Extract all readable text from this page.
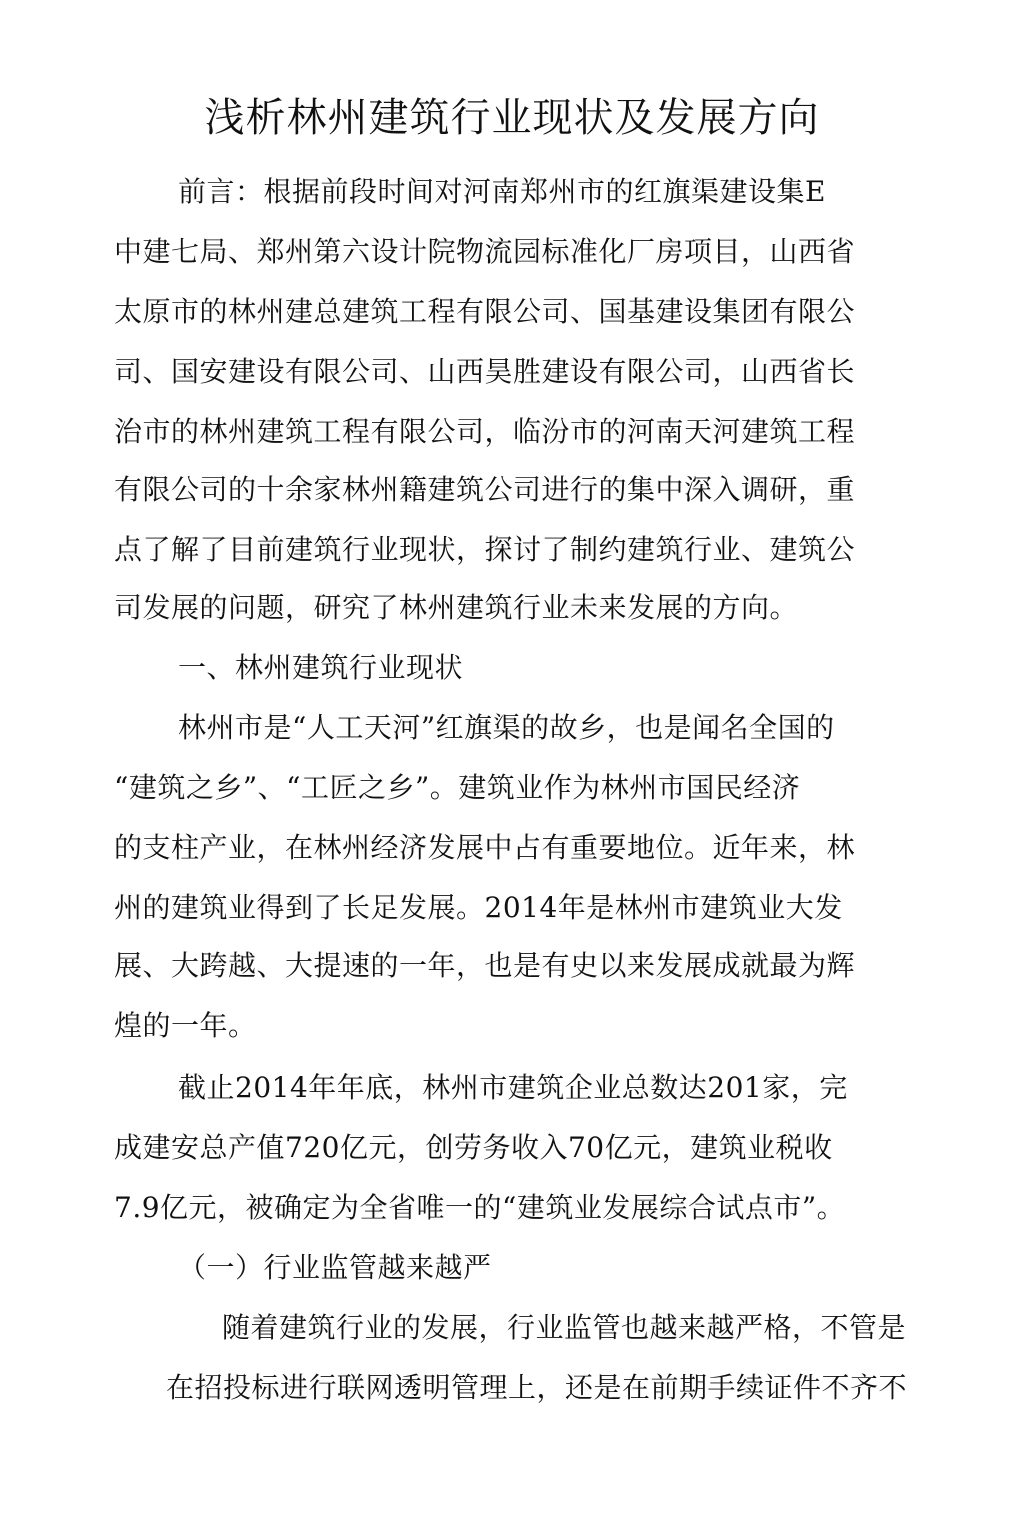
浅析林州建筑行业现状及发展方向
前言：根据前段时间对河南郑州市的红旗渠建设集E
中建七局、郑州第六设计院物流园标准化厂房项目，山西省
太原市的林州建总建筑工程有限公司、国基建设集团有限公
司、国安建设有限公司、山西昊胜建设有限公司，山西省长
治市的林州建筑工程有限公司，临汾市的河南天河建筑工程
有限公司的十余家林州籍建筑公司进行的集中深入调研，重
点了解了目前建筑行业现状，探讨了制约建筑行业、建筑公
司发展的问题，研究了林州建筑行业未来发展的方向。
一、林州建筑行业现状
林州市是“人工天河”红旗渠的故乡，也是闻名全国的
“建筑之乡”、“工匠之乡”。建筑业作为林州市国民经济
的支柱产业，在林州经济发展中占有重要地位。近年来，林
州的建筑业得到了长足发展。2014年是林州市建筑业大发
展、大跨越、大提速的一年，也是有史以来发展成就最为辉
煌的一年。
截止2014年年底，林州市建筑企业总数达201家，完
成建安总产值720亿元，创劳务收入70亿元，建筑业税收
7.9亿元，被确定为全省唯一的“建筑业发展综合试点市”。
（一）行业监管越来越严
随着建筑行业的发展，行业监管也越来越严格，不管是
在招投标进行联网透明管理上，还是在前期手续证件不齐不
